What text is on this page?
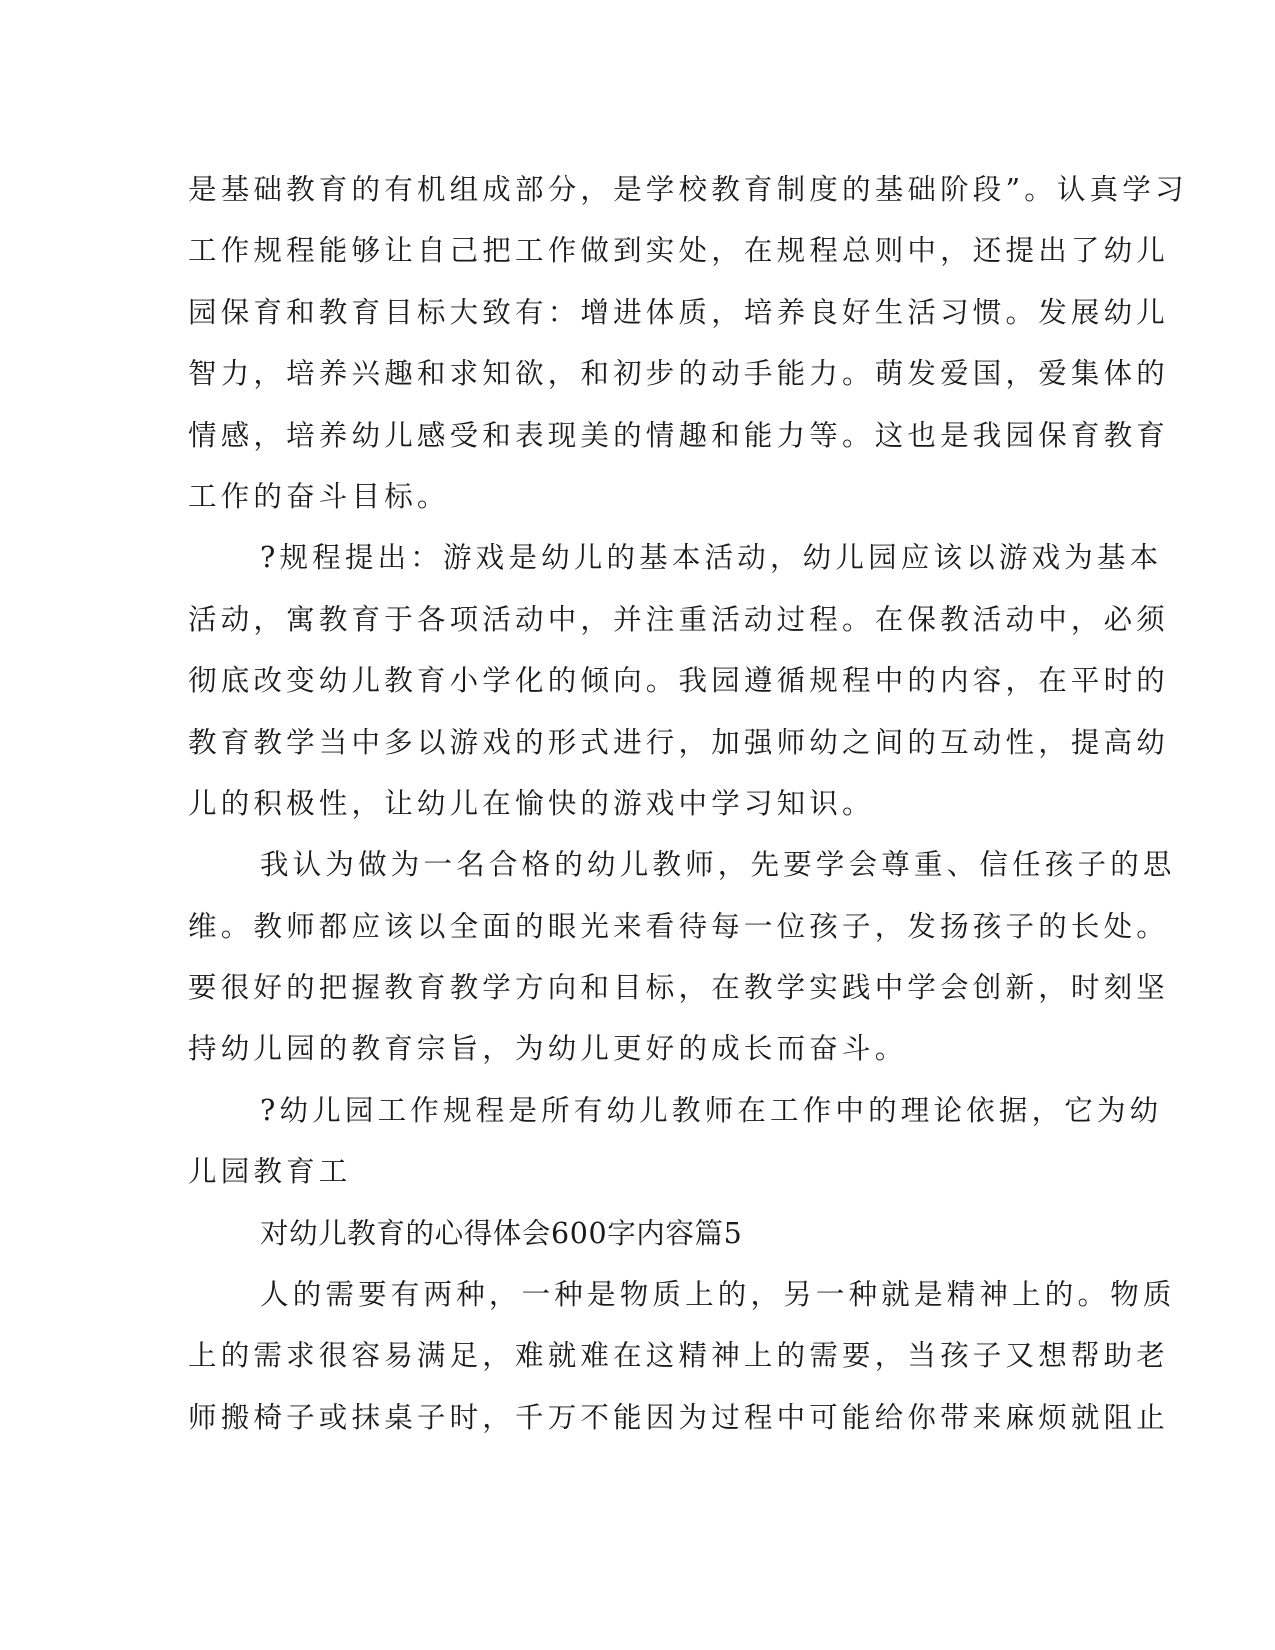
是基础教育的有机组成部分，是学校教育制度的基础阶段”。认真学习
工作规程能够让自己把工作做到实处，在规程总则中，还提出了幼儿
园保育和教育目标大致有：增进体质，培养良好生活习惯。发展幼儿
智力，培养兴趣和求知欲，和初步的动手能力。萌发爱国，爱集体的
情感，培养幼儿感受和表现美的情趣和能力等。这也是我园保育教育
工作的奋斗目标。
?规程提出：游戏是幼儿的基本活动，幼儿园应该以游戏为基本
活动，寓教育于各项活动中，并注重活动过程。在保教活动中，必须
彻底改变幼儿教育小学化的倾向。我园遵循规程中的内容，在平时的
教育教学当中多以游戏的形式进行，加强师幼之间的互动性，提高幼
儿的积极性，让幼儿在愉快的游戏中学习知识。
我认为做为一名合格的幼儿教师，先要学会尊重、信任孩子的思
维。教师都应该以全面的眼光来看待每一位孩子，发扬孩子的长处。
要很好的把握教育教学方向和目标，在教学实践中学会创新，时刻坚
持幼儿园的教育宗旨，为幼儿更好的成长而奋斗。
?幼儿园工作规程是所有幼儿教师在工作中的理论依据，它为幼
儿园教育工
对幼儿教育的心得体会600字内容篇5
人的需要有两种，一种是物质上的，另一种就是精神上的。物质
上的需求很容易满足，难就难在这精神上的需要，当孩子又想帮助老
师搬椅子或抹桌子时，千万不能因为过程中可能给你带来麻烦就阻止
